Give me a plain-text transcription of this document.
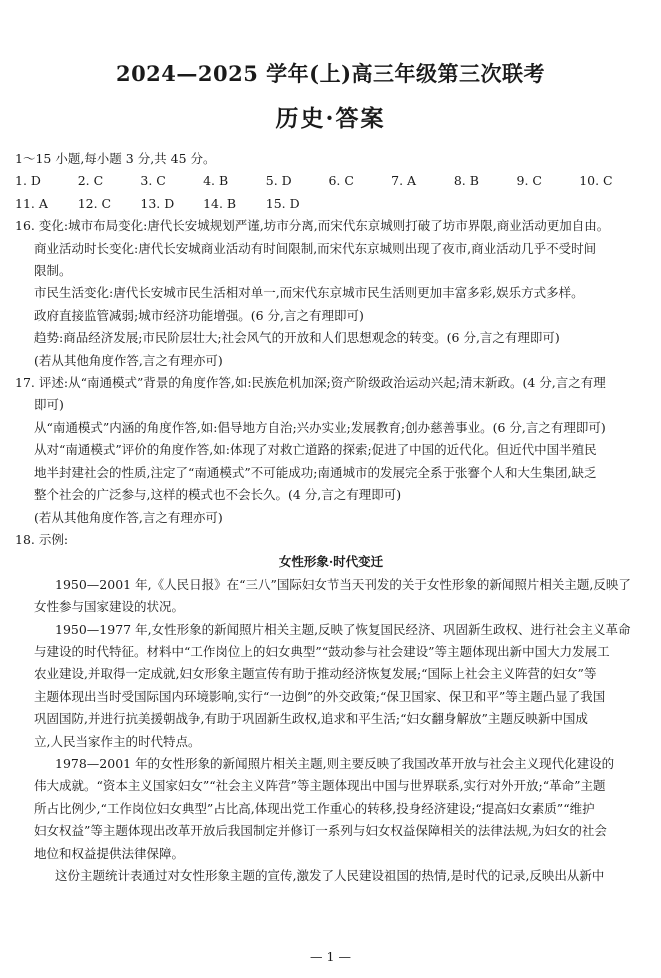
2024—2025 学年(上)高三年级第三次联考
历史·答案
1～15 小题,每小题 3 分,共 45 分。
1. D	2. C	3. C	4. B	5. D	6. C	7. A	8. B	9. C	10. C
11. A	12. C	13. D	14. B	15. D
16. 变化:城市布局变化:唐代长安城规划严谨,坊市分离,而宋代东京城则打破了坊市界限,商业活动更加自由。
商业活动时长变化:唐代长安城商业活动有时间限制,而宋代东京城则出现了夜市,商业活动几乎不受时间
限制。
市民生活变化:唐代长安城市民生活相对单一,而宋代东京城市民生活则更加丰富多彩,娱乐方式多样。
政府直接监管减弱;城市经济功能增强。(6 分,言之有理即可)
趋势:商品经济发展;市民阶层壮大;社会风气的开放和人们思想观念的转变。(6 分,言之有理即可)
(若从其他角度作答,言之有理亦可)
17. 评述:从“南通模式”背景的角度作答,如:民族危机加深;资产阶级政治运动兴起;清末新政。(4 分,言之有理
即可)
从“南通模式”内涵的角度作答,如:倡导地方自治;兴办实业;发展教育;创办慈善事业。(6 分,言之有理即可)
从对“南通模式”评价的角度作答,如:体现了对救亡道路的探索;促进了中国的近代化。但近代中国半殖民
地半封建社会的性质,注定了“南通模式”不可能成功;南通城市的发展完全系于张謇个人和大生集团,缺乏
整个社会的广泛参与,这样的模式也不会长久。(4 分,言之有理即可)
(若从其他角度作答,言之有理亦可)
18. 示例:
女性形象·时代变迁
1950—2001 年,《人民日报》在“三八”国际妇女节当天刊发的关于女性形象的新闻照片相关主题,反映了
女性参与国家建设的状况。
1950—1977 年,女性形象的新闻照片相关主题,反映了恢复国民经济、巩固新生政权、进行社会主义革命
与建设的时代特征。材料中“工作岗位上的妇女典型”“鼓动参与社会建设”等主题体现出新中国大力发展工
农业建设,并取得一定成就,妇女形象主题宣传有助于推动经济恢复发展;“国际上社会主义阵营的妇女”等
主题体现出当时受国际国内环境影响,实行“一边倒”的外交政策;“保卫国家、保卫和平”等主题凸显了我国
巩固国防,并进行抗美援朝战争,有助于巩固新生政权,追求和平生活;“妇女翻身解放”主题反映新中国成
立,人民当家作主的时代特点。
1978—2001 年的女性形象的新闻照片相关主题,则主要反映了我国改革开放与社会主义现代化建设的
伟大成就。“资本主义国家妇女”“社会主义阵营”等主题体现出中国与世界联系,实行对外开放;“革命”主题
所占比例少,“工作岗位妇女典型”占比高,体现出党工作重心的转移,投身经济建设;“提高妇女素质”“维护
妇女权益”等主题体现出改革开放后我国制定并修订一系列与妇女权益保障相关的法律法规,为妇女的社会
地位和权益提供法律保障。
这份主题统计表通过对女性形象主题的宣传,激发了人民建设祖国的热情,是时代的记录,反映出从新中
— 1 —
